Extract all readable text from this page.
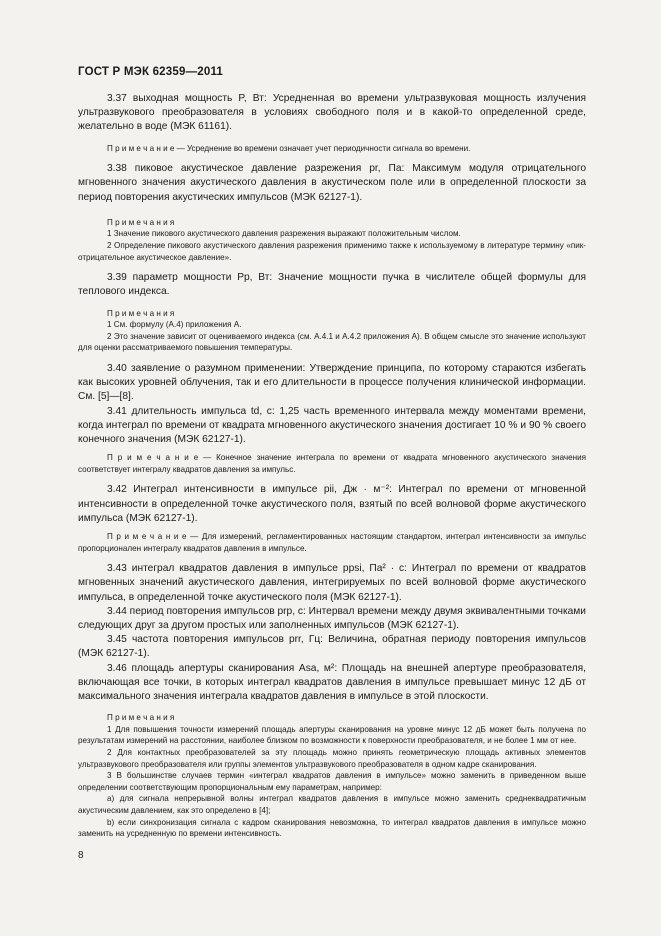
ГОСТ Р МЭК 62359—2011

3.37 выходная мощность P, Вт: Усредненная во времени ультразвуковая мощность излучения ультразвукового преобразователя в условиях свободного поля и в какой-то определенной среде, желательно в воде (МЭК 61161).

П р и м е ч а н и е — Усреднение во времени означает учет периодичности сигнала во времени.

3.38 пиковое акустическое давление разрежения pr, Па: Максимум модуля отрицательного мгновенного значения акустического давления в акустическом поле или в определенной плоскости за период повторения акустических импульсов (МЭК 62127-1).

П р и м е ч а н и я

1 Значение пикового акустического давления разрежения выражают положительным числом.

2 Определение пикового акустического давления разрежения применимо также к используемому в литературе термину «пик-отрицательное акустическое давление».

3.39 параметр мощности Pp, Вт: Значение мощности пучка в числителе общей формулы для теплового индекса.

П р и м е ч а н и я

1 См. формулу (А.4) приложения А.

2 Это значение зависит от оцениваемого индекса (см. А.4.1 и А.4.2 приложения А). В общем смысле это значение используют для оценки рассматриваемого повышения температуры.

3.40 заявление о разумном применении: Утверждение принципа, по которому стараются избегать как высоких уровней облучения, так и его длительности в процессе получения клинической информации. См. [5]—[8].

3.41 длительность импульса td, с: 1,25 часть временного интервала между моментами времени, когда интеграл по времени от квадрата мгновенного акустического значения достигает 10 % и 90 % своего конечного значения (МЭК 62127-1).

П р и м е ч а н и е — Конечное значение интеграла по времени от квадрата мгновенного акустического значения соответствует интегралу квадратов давления за импульс.

3.42 Интеграл интенсивности в импульсе pii, Дж · м⁻²: Интеграл по времени от мгновенной интенсивности в определенной точке акустического поля, взятый по всей волновой форме акустического импульса (МЭК 62127-1).

П р и м е ч а н и е — Для измерений, регламентированных настоящим стандартом, интеграл интенсивности за импульс пропорционален интегралу квадратов давления в импульсе.

3.43 интеграл квадратов давления в импульсе ppsi, Па² · с: Интеграл по времени от квадратов мгновенных значений акустического давления, интегрируемых по всей волновой форме акустического импульса, в определенной точке акустического поля (МЭК 62127-1).

3.44 период повторения импульсов prp, с: Интервал времени между двумя эквивалентными точками следующих друг за другом простых или заполненных импульсов (МЭК 62127-1).

3.45 частота повторения импульсов prr, Гц: Величина, обратная периоду повторения импульсов (МЭК 62127-1).

3.46 площадь апертуры сканирования Asa, м²: Площадь на внешней апертуре преобразователя, включающая все точки, в которых интеграл квадратов давления в импульсе превышает минус 12 дБ от максимального значения интеграла квадратов давления в импульсе в этой плоскости.

П р и м е ч а н и я

1 Для повышения точности измерений площадь апертуры сканирования на уровне минус 12 дБ может быть получена по результатам измерений на расстоянии, наиболее близком по возможности к поверхности преобразователя, и не более 1 мм от нее.

2 Для контактных преобразователей за эту площадь можно принять геометрическую площадь активных элементов ультразвукового преобразователя или группы элементов ультразвукового преобразователя в одном кадре сканирования.

3 В большинстве случаев термин «интеграл квадратов давления в импульсе» можно заменить в приведенном выше определении соответствующим пропорциональным ему параметрам, например:

а) для сигнала непрерывной волны интеграл квадратов давления в импульсе можно заменить среднеквадратичным акустическим давлением, как это определено в [4];

b) если синхронизация сигнала с кадром сканирования невозможна, то интеграл квадратов давления в импульсе можно заменить на усредненную по времени интенсивность.

8
